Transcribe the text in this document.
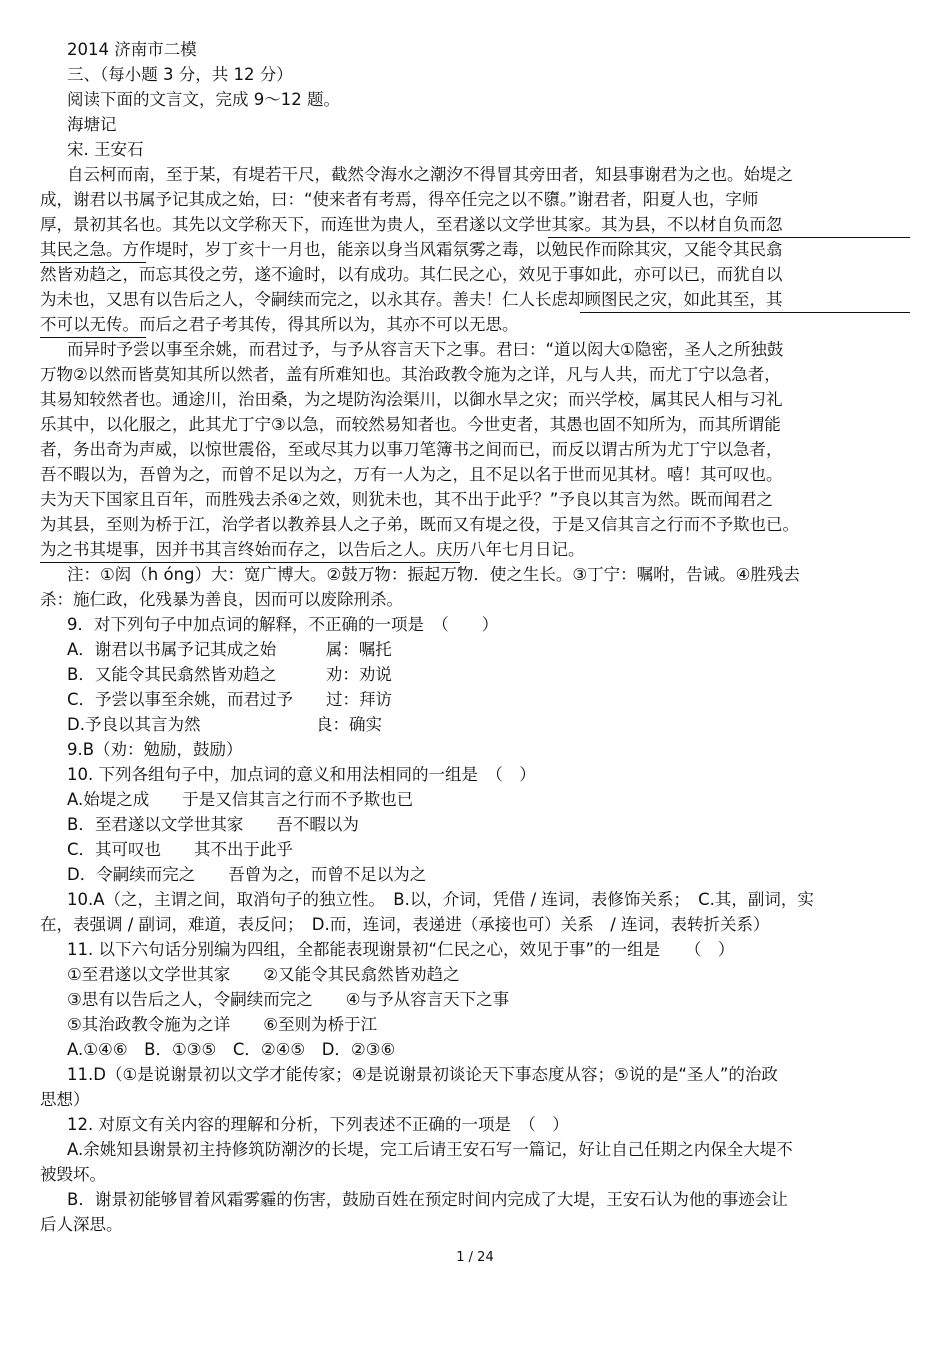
2014 济南市二模
三、（每小题 3 分，共 12 分）
阅读下面的文言文，完成 9～12 题。
海塘记
宋. 王安石
自云柯而南，至于某，有堤若干尺，截然令海水之潮汐不得冒其旁田者，知县事谢君为之也。始堤之
成，谢君以书属予记其成之始，曰：“使来者有考焉，得卒任完之以不隳。”谢君者，阳夏人也，字师
厚，景初其名也。其先以文学称天下，而连世为贵人，至君遂以文学世其家。其为县，不以材自负而忽
其民之急。方作堤时，岁丁亥十一月也，能亲以身当风霜氛雾之毒，以勉民作而除其灾，又能令其民翕
然皆劝趋之，而忘其役之劳，遂不逾时，以有成功。其仁民之心，效见于事如此，亦可以已，而犹自以
为未也，又思有以告后之人，令嗣续而完之，以永其存。善夫！仁人长虑却顾图民之灾，如此其至，其
不可以无传。而后之君子考其传，得其所以为，其亦不可以无思。
而异时予尝以事至余姚，而君过予，与予从容言天下之事。君曰：“道以闳大①隐密，圣人之所独鼓
万物②以然而皆莫知其所以然者，盖有所难知也。其治政教令施为之详，凡与人共，而尤丁宁以急者，
其易知较然者也。通途川，治田桑，为之堤防沟浍渠川，以御水旱之灾；而兴学校，属其民人相与习礼
乐其中，以化服之，此其尤丁宁③以急，而较然易知者也。今世吏者，其愚也固不知所为，而其所谓能
者，务出奇为声威，以惊世震俗，至或尽其力以事刀笔簿书之间而已，而反以谓古所为尤丁宁以急者，
吾不暇以为，吾曾为之，而曾不足以为之，万有一人为之，且不足以名于世而见其材。嘻！其可叹也。
夫为天下国家且百年，而胜残去杀④之效，则犹未也，其不出于此乎？”予良以其言为然。既而闻君之
为其县，至则为桥于江，治学者以教养县人之子弟，既而又有堤之役，于是又信其言之行而不予欺也已。
为之书其堤事，因并书其言终始而存之，以告后之人。庆历八年七月日记。
注：①闳（h óng）大：宽广博大。②鼓万物：振起万物．使之生长。③丁宁：嘱咐，告诫。④胜残去
杀：施仁政，化残暴为善良，因而可以废除刑杀。
9．对下列句子中加点词的解释，不正确的一项是　（　　）
A．谢君以书属予记其成之始　　　属：嘱托
B．又能令其民翕然皆劝趋之　　　劝：劝说
C．予尝以事至余姚，而君过予　　过：拜访
D.予良以其言为然　　　　　　　良：确实
9.B（劝：勉励，鼓励）
10. 下列各组句子中，加点词的意义和用法相同的一组是　（　）
A.始堤之成　　于是又信其言之行而不予欺也已
B．至君遂以文学世其家　　吾不暇以为
C．其可叹也　　其不出于此乎
D．令嗣续而完之　　吾曾为之，而曾不足以为之
10.A（之，主谓之间，取消句子的独立性。　B.以，介词，凭借 / 连词，表修饰关系；　C.其，副词，实
在，表强调 / 副词，难道，表反问；　D.而，连词，表递进（承接也可）关系　/ 连词，表转折关系）
11. 以下六句话分别编为四组，全都能表现谢景初“仁民之心，效见于事”的一组是　　（　）
①至君遂以文学世其家　　②又能令其民翕然皆劝趋之
③思有以告后之人，令嗣续而完之　　④与予从容言天下之事
⑤其治政教令施为之详　　⑥至则为桥于江
A.①④⑥　B．①③⑤　C．②④⑤　D．②③⑥
11.D（①是说谢景初以文学才能传家；④是说谢景初谈论天下事态度从容；⑤说的是“圣人”的治政
思想）
12. 对原文有关内容的理解和分析，下列表述不正确的一项是　（　）
A.余姚知县谢景初主持修筑防潮汐的长堤，完工后请王安石写一篇记，好让自己任期之内保全大堤不
被毁坏。
B．谢景初能够冒着风霜雾霾的伤害，鼓励百姓在预定时间内完成了大堤，王安石认为他的事迹会让
后人深思。
1 / 24
